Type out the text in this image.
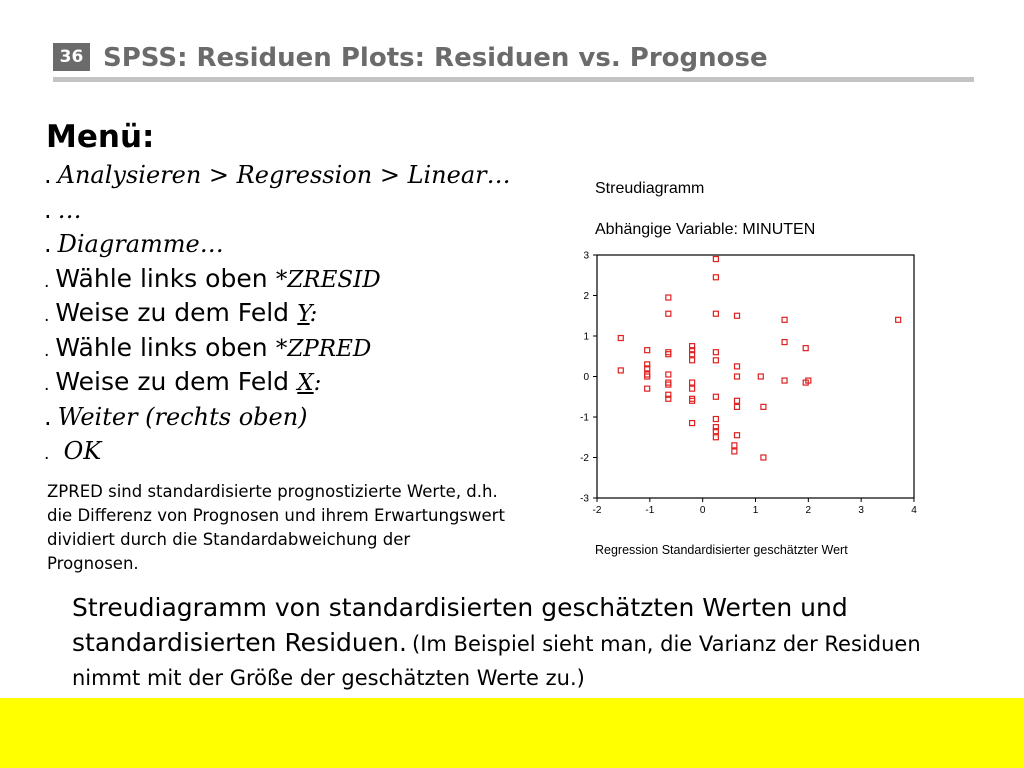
36 SPSS: Residuen Plots: Residuen vs. Prognose
Menü:
. Analysieren > Regression > Linear…
. …
. Diagramme…
. Wähle links oben *ZRESID
. Weise zu dem Feld Y:
. Wähle links oben *ZPRED
. Weise zu dem Feld X:
. Weiter (rechts oben)
. OK
ZPRED sind standardisierte prognostizierte Werte, d.h. die Differenz von Prognosen und ihrem Erwartungswert dividiert durch die Standardabweichung der Prognosen.
Streudiagramm
Abhängige Variable: MINUTEN
-2	-1	0	1	2	3	4
3
2
1
0
-1
-2
-3
Regression Standardisierter geschätzter Wert
Streudiagramm von standardisierten geschätzten Werten und standardisierten Residuen. (Im Beispiel sieht man, die Varianz der Residuen nimmt mit der Größe der geschätzten Werte zu.)
